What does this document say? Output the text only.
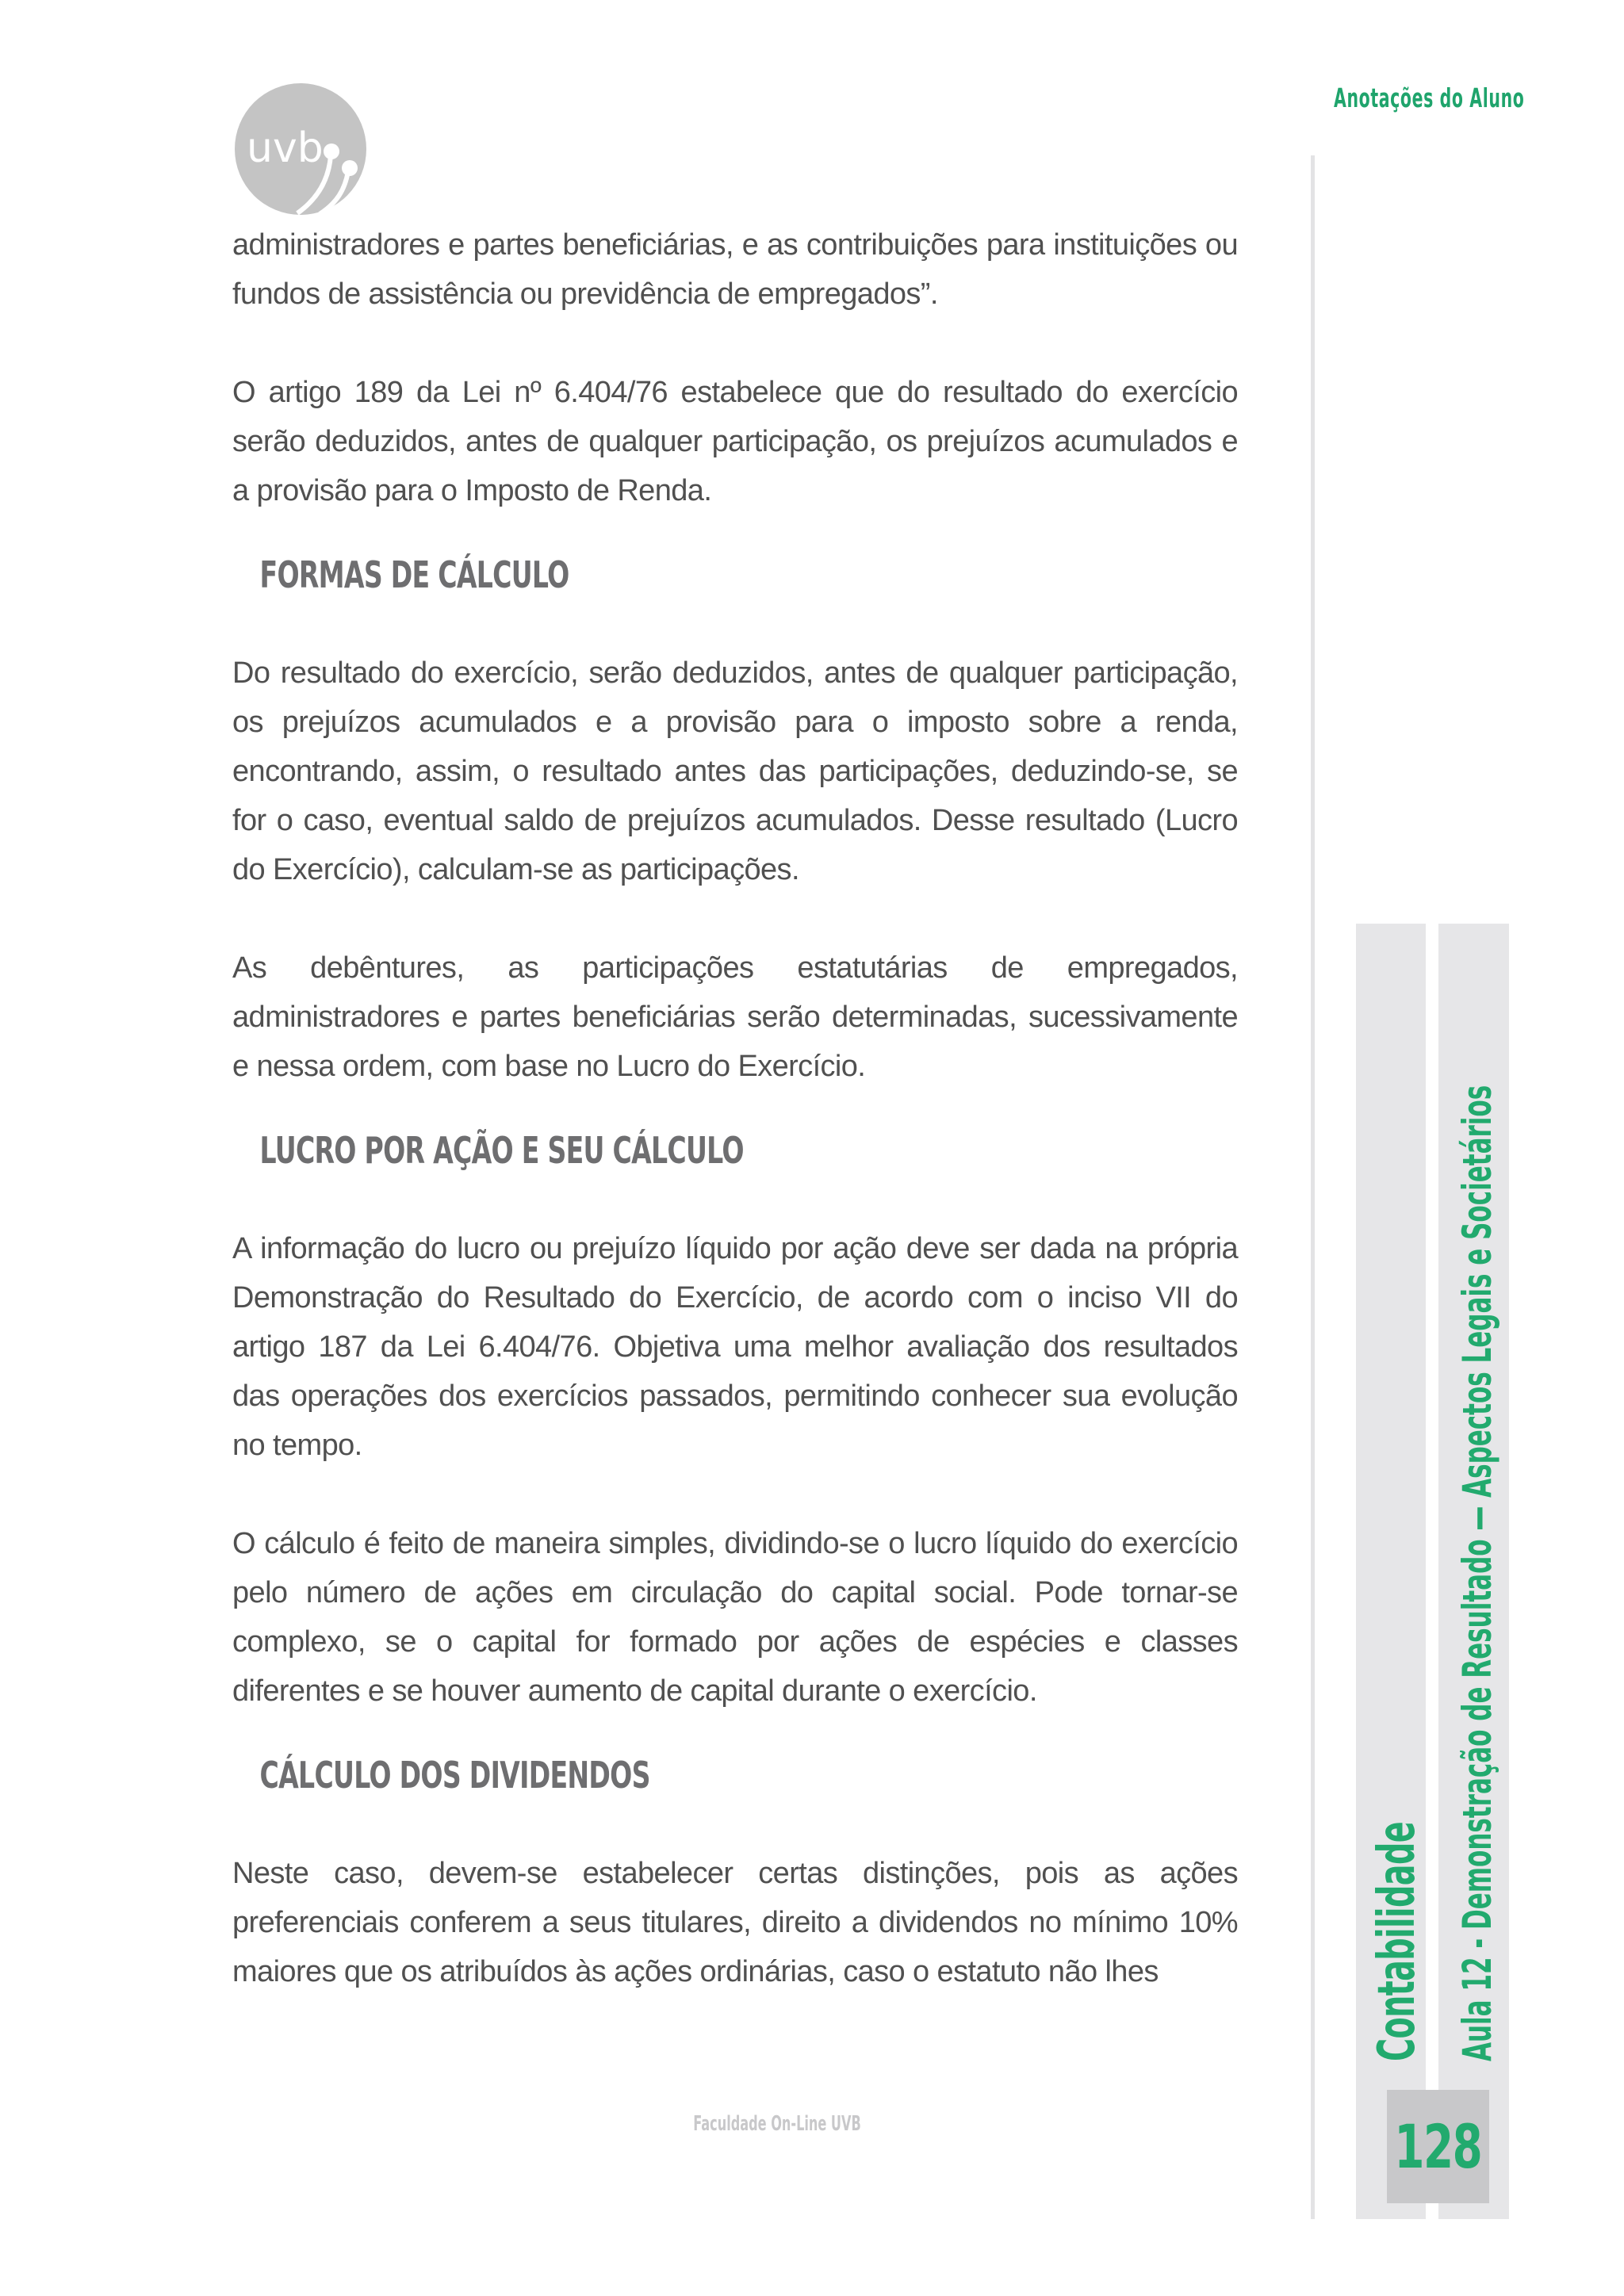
uvb

administradores e partes beneficiárias, e as contribuições para instituições ou fundos de assistência ou previdência de empregados”.

O artigo 189 da Lei nº 6.404/76 estabelece que do resultado do exercício serão deduzidos, antes de qualquer participação, os prejuízos acumulados e a provisão para o Imposto de Renda.

FORMAS DE CÁLCULO

Do resultado do exercício, serão deduzidos, antes de qualquer participação, os prejuízos acumulados e a provisão para o imposto sobre a renda, encontrando, assim, o resultado antes das participações, deduzindo-se, se for o caso, eventual saldo de prejuízos acumulados. Desse resultado (Lucro do Exercício), calculam-se as participações.

As debêntures, as participações estatutárias de empregados, administradores e partes beneficiárias serão determinadas, sucessivamente e nessa ordem, com base no Lucro do Exercício.

LUCRO POR AÇÃO E SEU CÁLCULO

A informação do lucro ou prejuízo líquido por ação deve ser dada na própria Demonstração do Resultado do Exercício, de acordo com o inciso VII do artigo 187 da Lei 6.404/76. Objetiva uma melhor avaliação dos resultados das operações dos exercícios passados, permitindo conhecer sua evolução no tempo.

O cálculo é feito de maneira simples, dividindo-se o lucro líquido do exercício pelo número de ações em circulação do capital social. Pode tornar-se complexo, se o capital for formado por ações de espécies e classes diferentes e se houver aumento de capital durante o exercício.

CÁLCULO DOS DIVIDENDOS

Neste caso, devem-se estabelecer certas distinções, pois as ações preferenciais conferem a seus titulares, direito a dividendos no mínimo 10% maiores que os atribuídos às ações ordinárias, caso o estatuto não lhes

Faculdade On-Line UVB
Anotações do Aluno
Contabilidade Aula 12 - Demonstração de Resultado — Aspectos Legais e Societários
128
